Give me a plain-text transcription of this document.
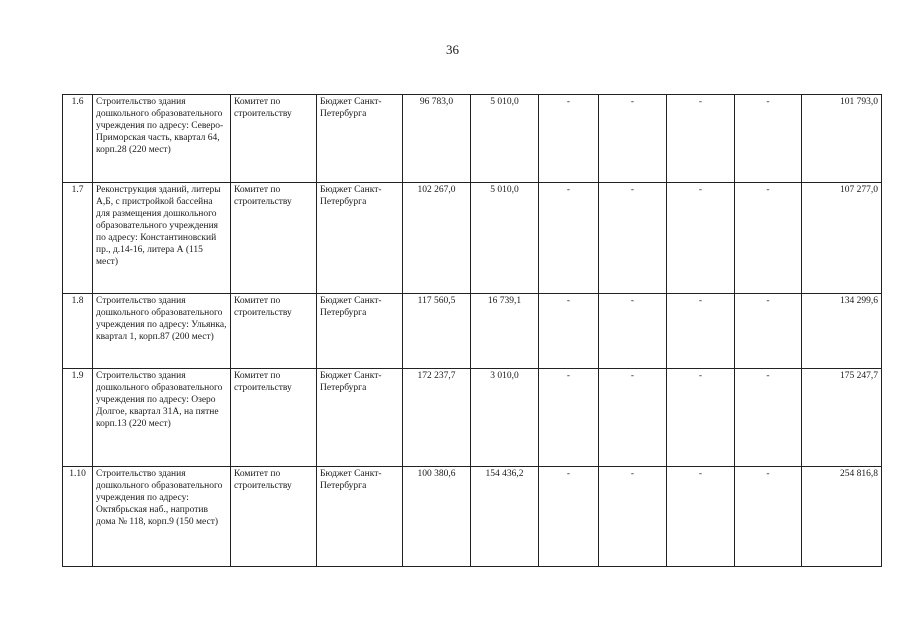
36
1.6	Строительство здания дошкольного образовательного учреждения по адресу: Северо-Приморская часть, квартал 64, корп.28 (220 мест)	Комитет по строительству	Бюджет Санкт-Петербурга	96 783,0	5 010,0	-	-	-	-	101 793,0
1.7	Реконструкция зданий, литеры А,Б, с пристройкой бассейна для размещения дошкольного образовательного учреждения по адресу: Константиновский пр., д.14-16, литера А (115 мест)	Комитет по строительству	Бюджет Санкт-Петербурга	102 267,0	5 010,0	-	-	-	-	107 277,0
1.8	Строительство здания дошкольного образовательного учреждения по адресу: Ульянка, квартал 1, корп.87 (200 мест)	Комитет по строительству	Бюджет Санкт-Петербурга	117 560,5	16 739,1	-	-	-	-	134 299,6
1.9	Строительство здания дошкольного образовательного учреждения по адресу: Озеро Долгое, квартал 31А, на пятне корп.13 (220 мест)	Комитет по строительству	Бюджет Санкт-Петербурга	172 237,7	3 010,0	-	-	-	-	175 247,7
1.10	Строительство здания дошкольного образовательного учреждения по адресу: Октябрьская наб., напротив дома № 118, корп.9 (150 мест)	Комитет по строительству	Бюджет Санкт-Петербурга	100 380,6	154 436,2	-	-	-	-	254 816,8
